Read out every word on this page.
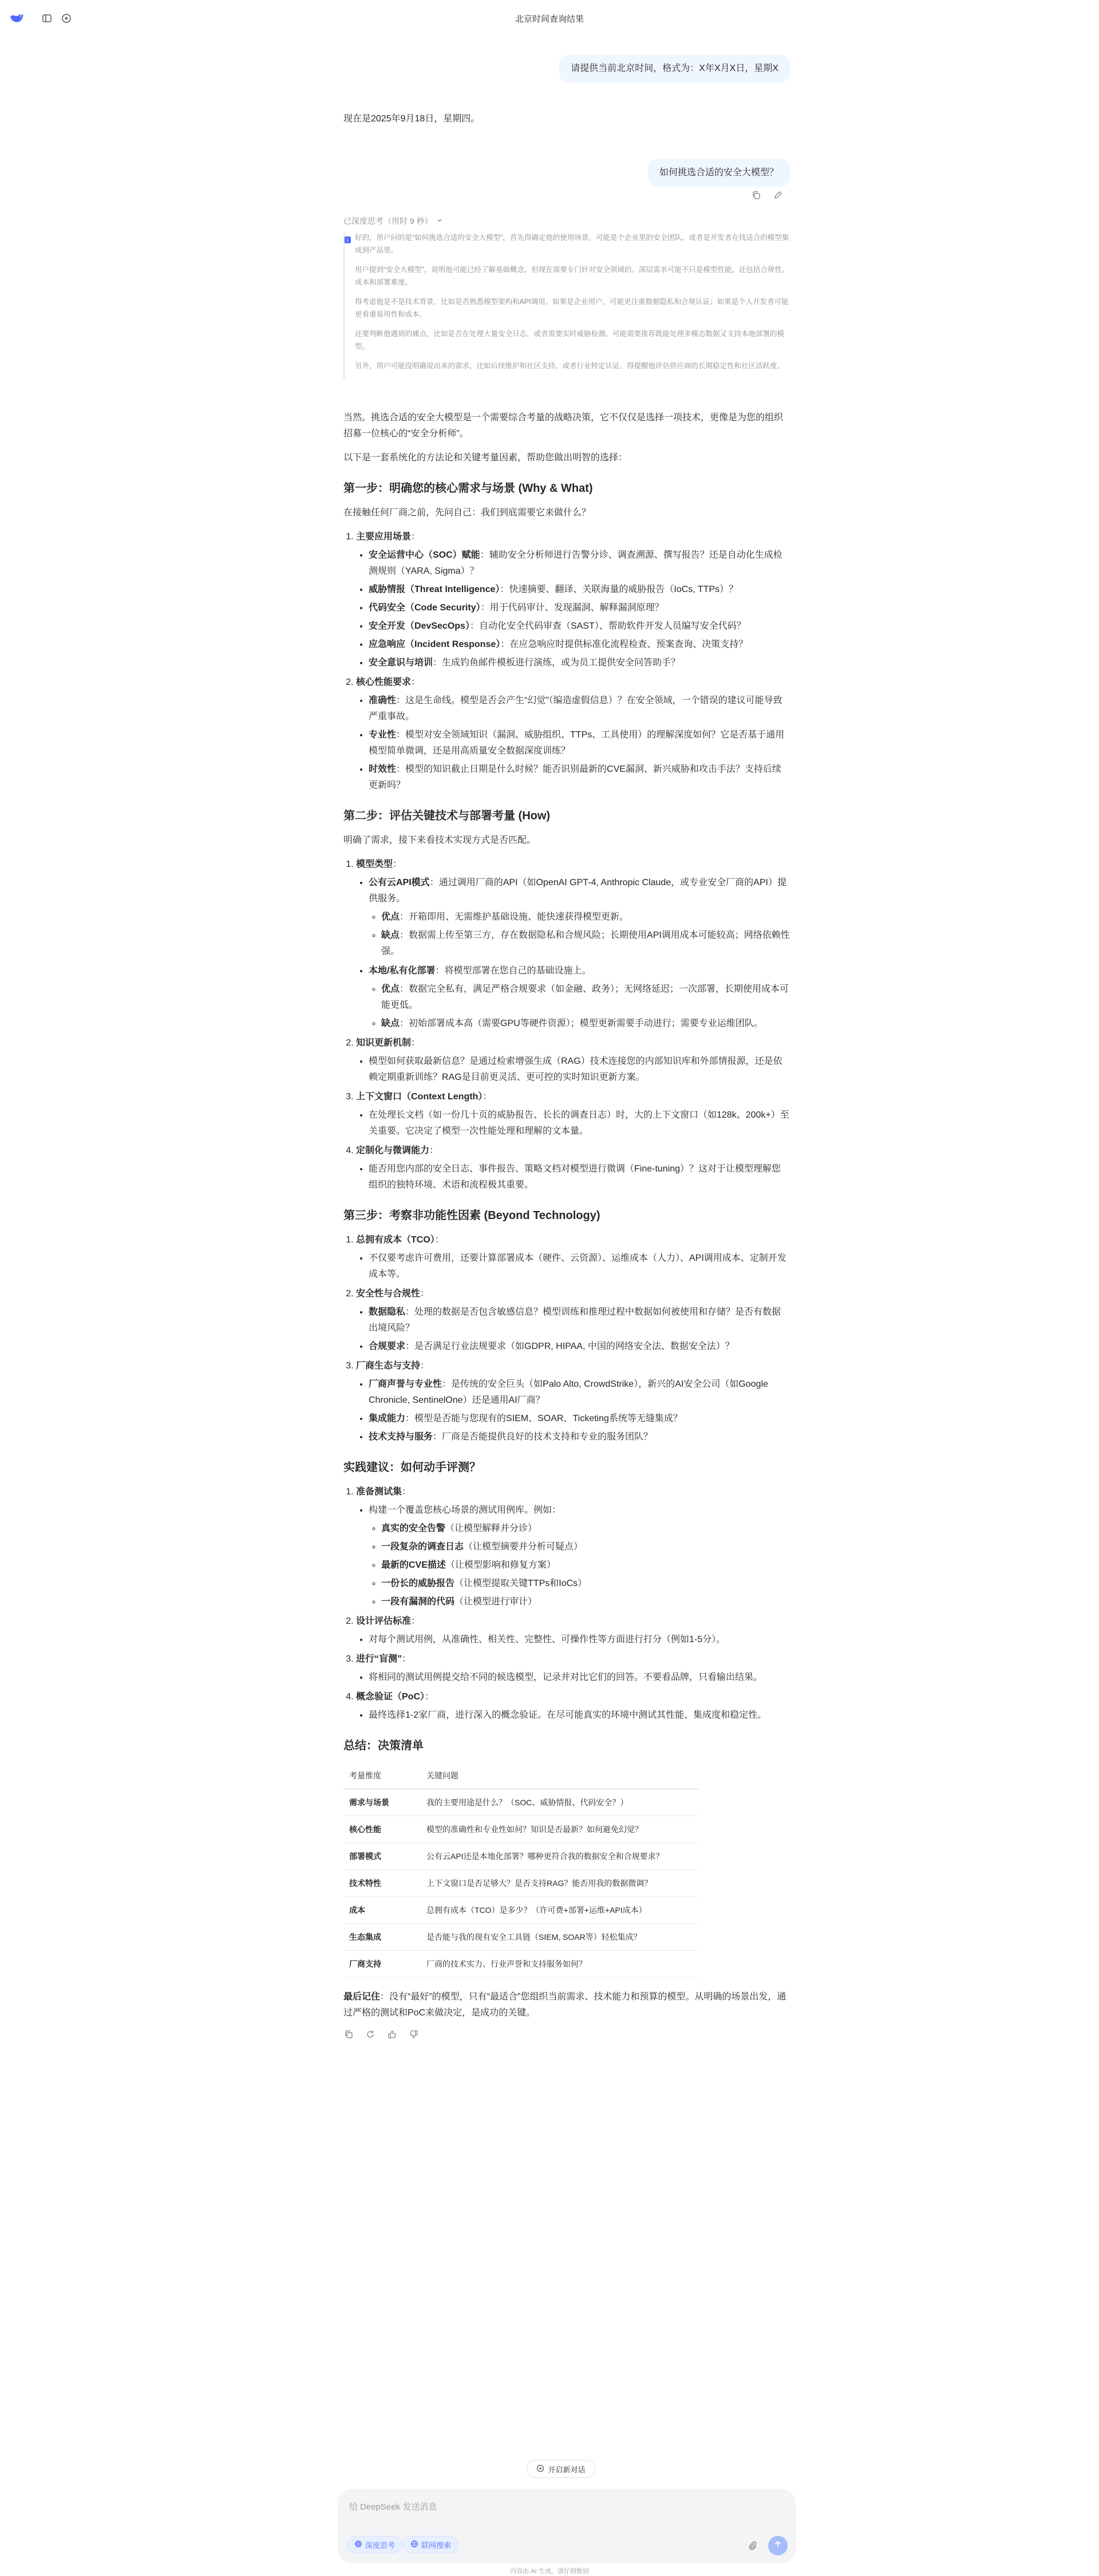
北京时间查询结果
请提供当前北京时间，格式为：X年X月X日，星期X
现在是2025年9月18日，星期四。
如何挑选合适的安全大模型？
已深度思考（用时 9 秒）
i 好的，用户问的是“如何挑选合适的安全大模型”，首先得确定他的使用场景。可能是个企业里的安全团队，或者是开发者在找适合的模型集成到产品里。

用户提到“安全大模型”，说明他可能已经了解基础概念，但现在需要专门针对安全领域的。深层需求可能不只是模型性能，还包括合规性、成本和部署难度。

得考虑他是不是技术背景，比如是否熟悉模型架构和API调用。如果是企业用户，可能更注重数据隐私和合规认证；如果是个人开发者可能更看重易用性和成本。

还要判断他遇到的痛点，比如是否在处理大量安全日志，或者需要实时威胁检测。可能需要推荐既能处理多模态数据又支持本地部署的模型。

另外，用户可能没明确说出来的需求，比如后续维护和社区支持，或者行业特定认证。得提醒他评估供应商的长期稳定性和社区活跃度。

当然。挑选合适的安全大模型是一个需要综合考量的战略决策，它不仅仅是选择一项技术，更像是为您的组织招募一位核心的“安全分析师”。

以下是一套系统化的方法论和关键考量因素，帮助您做出明智的选择：

第一步：明确您的核心需求与场景 (Why & What)

在接触任何厂商之前，先问自己：我们到底需要它来做什么？

1. 主要应用场景：
• 安全运营中心（SOC）赋能：辅助安全分析师进行告警分诊、调查溯源、撰写报告？还是自动化生成检测规则（YARA, Sigma）？
• 威胁情报（Threat Intelligence）：快速摘要、翻译、关联海量的威胁报告（IoCs, TTPs）？
• 代码安全（Code Security）：用于代码审计、发现漏洞、解释漏洞原理？
• 安全开发（DevSecOps）：自动化安全代码审查（SAST）、帮助软件开发人员编写安全代码？
• 应急响应（Incident Response）：在应急响应时提供标准化流程检查、预案查询、决策支持？
• 安全意识与培训：生成钓鱼邮件模板进行演练，或为员工提供安全问答助手？
2. 核心性能要求：
• 准确性：这是生命线。模型是否会产生“幻觉”（编造虚假信息）？在安全领域，一个错误的建议可能导致严重事故。
• 专业性：模型对安全领域知识（漏洞、威胁组织、TTPs、工具使用）的理解深度如何？它是否基于通用模型简单微调，还是用高质量安全数据深度训练？
• 时效性：模型的知识截止日期是什么时候？能否识别最新的CVE漏洞、新兴威胁和攻击手法？支持后续更新吗？
第二步：评估关键技术与部署考量 (How)

明确了需求，接下来看技术实现方式是否匹配。

1. 模型类型：
• 公有云API模式：通过调用厂商的API（如OpenAI GPT-4, Anthropic Claude，或专业安全厂商的API）提供服务。
◦ 优点：开箱即用、无需维护基础设施、能快速获得模型更新。
◦ 缺点：数据需上传至第三方，存在数据隐私和合规风险；长期使用API调用成本可能较高；网络依赖性强。
• 本地/私有化部署：将模型部署在您自己的基础设施上。
◦ 优点：数据完全私有，满足严格合规要求（如金融、政务）；无网络延迟；一次部署，长期使用成本可能更低。
◦ 缺点：初始部署成本高（需要GPU等硬件资源）；模型更新需要手动进行；需要专业运维团队。
2. 知识更新机制：
• 模型如何获取最新信息？是通过检索增强生成（RAG）技术连接您的内部知识库和外部情报源，还是依赖定期重新训练？RAG是目前更灵活、更可控的实时知识更新方案。
3. 上下文窗口（Context Length）：
• 在处理长文档（如一份几十页的威胁报告、长长的调查日志）时，大的上下文窗口（如128k、200k+）至关重要。它决定了模型一次性能处理和理解的文本量。
4. 定制化与微调能力：
• 能否用您内部的安全日志、事件报告、策略文档对模型进行微调（Fine-tuning）？这对于让模型理解您组织的独特环境、术语和流程极其重要。
第三步：考察非功能性因素 (Beyond Technology)
1. 总拥有成本（TCO）：
• 不仅要考虑许可费用，还要计算部署成本（硬件、云资源）、运维成本（人力）、API调用成本、定制开发成本等。
2. 安全性与合规性：
• 数据隐私：处理的数据是否包含敏感信息？模型训练和推理过程中数据如何被使用和存储？是否有数据出境风险？
• 合规要求：是否满足行业法规要求（如GDPR, HIPAA, 中国的网络安全法、数据安全法）？
3. 厂商生态与支持：
• 厂商声誉与专业性：是传统的安全巨头（如Palo Alto, CrowdStrike），新兴的AI安全公司（如Google Chronicle, SentinelOne）还是通用AI厂商？
• 集成能力：模型是否能与您现有的SIEM、SOAR、Ticketing系统等无缝集成？
• 技术支持与服务：厂商是否能提供良好的技术支持和专业的服务团队？
实践建议：如何动手评测？
1. 准备测试集：
• 构建一个覆盖您核心场景的测试用例库。例如：
◦ 真实的安全告警（让模型解释并分诊）
◦ 一段复杂的调查日志（让模型摘要并分析可疑点）
◦ 最新的CVE描述（让模型影响和修复方案）
◦ 一份长的威胁报告（让模型提取关键TTPs和IoCs）
◦ 一段有漏洞的代码（让模型进行审计）
2. 设计评估标准：
• 对每个测试用例，从准确性、相关性、完整性、可操作性等方面进行打分（例如1-5分）。
3. 进行“盲测”：
• 将相同的测试用例提交给不同的候选模型，记录并对比它们的回答。不要看品牌，只看输出结果。
4. 概念验证（PoC）：
• 最终选择1-2家厂商，进行深入的概念验证。在尽可能真实的环境中测试其性能、集成度和稳定性。
总结：决策清单
考量维度	关键问题
需求与场景	我的主要用途是什么？（SOC、威胁情报、代码安全？）
核心性能	模型的准确性和专业性如何？知识是否最新？如何避免幻觉？
部署模式	公有云API还是本地化部署？哪种更符合我的数据安全和合规要求？
技术特性	上下文窗口是否足够大？是否支持RAG？能否用我的数据微调？
成本	总拥有成本（TCO）是多少？（许可费+部署+运维+API成本）
生态集成	是否能与我的现有安全工具链（SIEM, SOAR等）轻松集成？
厂商支持	厂商的技术实力、行业声誉和支持服务如何？

最后记住：没有“最好”的模型，只有“最适合”您组织当前需求、技术能力和预算的模型。从明确的场景出发，通过严格的测试和PoC来做决定，是成功的关键。

开启新对话
给 DeepSeek 发送消息
深度思考	联网搜索
内容由 AI 生成，请仔细甄别
